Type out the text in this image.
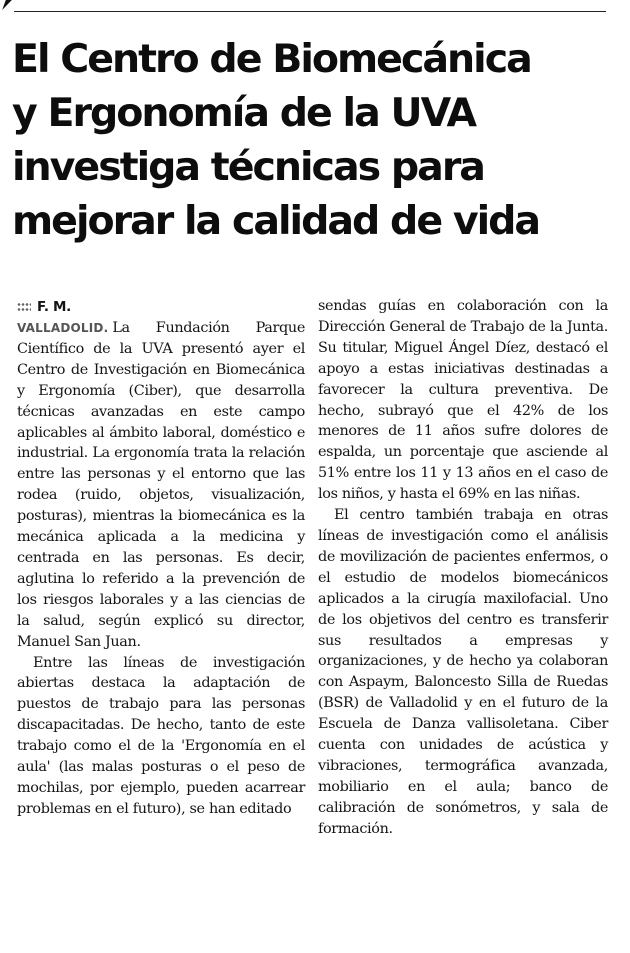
El Centro de Biomecánica
y Ergonomía de la UVA
investiga técnicas para
mejorar la calidad de vida
F. M.

VALLADOLID. La Fundación Parque Científico de la UVA presentó ayer el Centro de Investigación en Biomecánica y Ergonomía (Ciber), que desarrolla técnicas avanzadas en este campo aplicables al ámbito laboral, doméstico e industrial. La ergonomía trata la relación entre las personas y el entorno que las rodea (ruido, objetos, visualización, posturas), mientras la biomecánica es la mecánica aplicada a la medicina y centrada en las personas. Es decir, aglutina lo referido a la prevención de los riesgos laborales y a las ciencias de la salud, según explicó su director, Manuel San Juan.

Entre las líneas de investigación abiertas destaca la adaptación de puestos de trabajo para las personas discapacitadas. De hecho, tanto de este trabajo como el de la 'Ergonomía en el aula' (las malas posturas o el peso de mochilas, por ejemplo, pueden acarrear problemas en el futuro), se han editado

sendas guías en colaboración con la Dirección General de Trabajo de la Junta. Su titular, Miguel Ángel Díez, destacó el apoyo a estas iniciativas destinadas a favorecer la cultura preventiva. De hecho, subrayó que el 42% de los menores de 11 años sufre dolores de espalda, un porcentaje que asciende al 51% entre los 11 y 13 años en el caso de los niños, y hasta el 69% en las niñas.

El centro también trabaja en otras líneas de investigación como el análisis de movilización de pacientes enfermos, o el estudio de modelos biomecánicos aplicados a la cirugía maxilofacial. Uno de los objetivos del centro es transferir sus resultados a empresas y organizaciones, y de hecho ya colaboran con Aspaym, Baloncesto Silla de Ruedas (BSR) de Valladolid y en el futuro de la Escuela de Danza vallisoletana. Ciber cuenta con unidades de acústica y vibraciones, termográfica avanzada, mobiliario en el aula; banco de calibración de sonómetros, y sala de formación.
